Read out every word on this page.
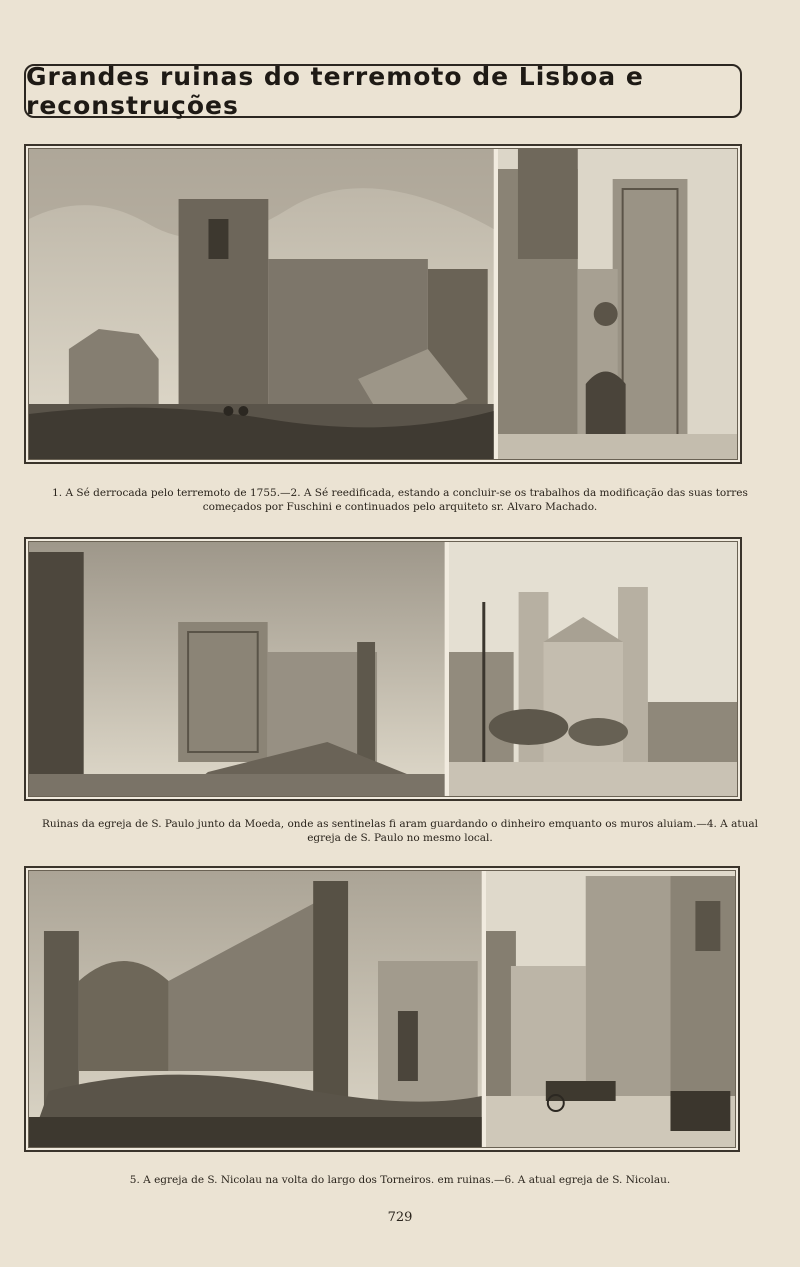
Grandes ruinas do terremoto de Lisboa e reconstruções
1. A Sé derrocada pelo terremoto de 1755.—2. A Sé reedificada, estando a concluir-se os trabalhos da modificação das suas torres começados por Fuschini e continuados pelo arquiteto sr. Alvaro Machado.
Ruinas da egreja de S. Paulo junto da Moeda, onde as sentinelas fi aram guardando o dinheiro emquanto os muros aluiam.—4. A atual egreja de S. Paulo no mesmo local.
5. A egreja de S. Nicolau na volta do largo dos Torneiros. em ruinas.—6. A atual egreja de S. Nicolau.
729
